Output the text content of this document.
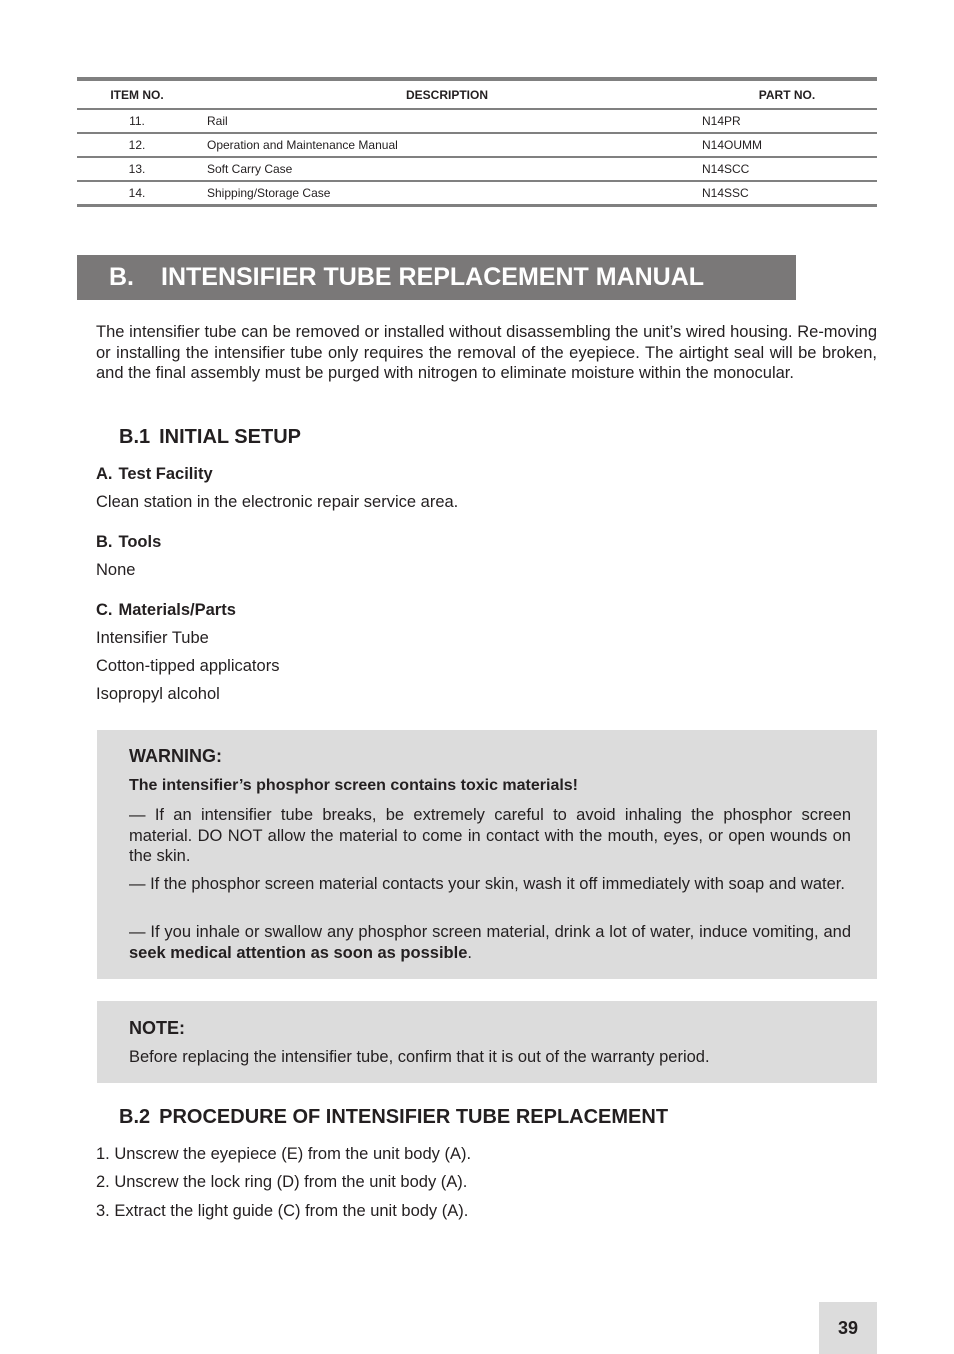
ITEM NO.	DESCRIPTION	PART NO.
11.	Rail	N14PR
12.	Operation and Maintenance Manual	N14OUMM
13.	Soft Carry Case	N14SCC
14.	Shipping/Storage Case	N14SSC
B.	INTENSIFIER TUBE REPLACEMENT MANUAL

The intensifier tube can be removed or installed without disassembling the unit’s wired housing. Re-moving or installing the intensifier tube only requires the removal of the eyepiece. The airtight seal will be broken, and the final assembly must be purged with nitrogen to eliminate moisture within the monocular.

B.1 INITIAL SETUP
A. Test Facility

Clean station in the electronic repair service area.

B. Tools

None

C. Materials/Parts

Intensifier Tube

Cotton-tipped applicators

Isopropyl alcohol

WARNING:

The intensifier’s phosphor screen contains toxic materials!

— If an intensifier tube breaks, be extremely careful to avoid inhaling the phosphor screen material. DO NOT allow the material to come in contact with the mouth, eyes, or open wounds on the skin.

— If the phosphor screen material contacts your skin, wash it off immediately with soap and water.

— If you inhale or swallow any phosphor screen material, drink a lot of water, induce vomiting, and seek medical attention as soon as possible.

NOTE:

Before replacing the intensifier tube, confirm that it is out of the warranty period.

B.2 PROCEDURE OF INTENSIFIER TUBE REPLACEMENT

1. Unscrew the eyepiece (E) from the unit body (A).

2. Unscrew the lock ring (D) from the unit body (A).

3. Extract the light guide (C) from the unit body (A).

39
